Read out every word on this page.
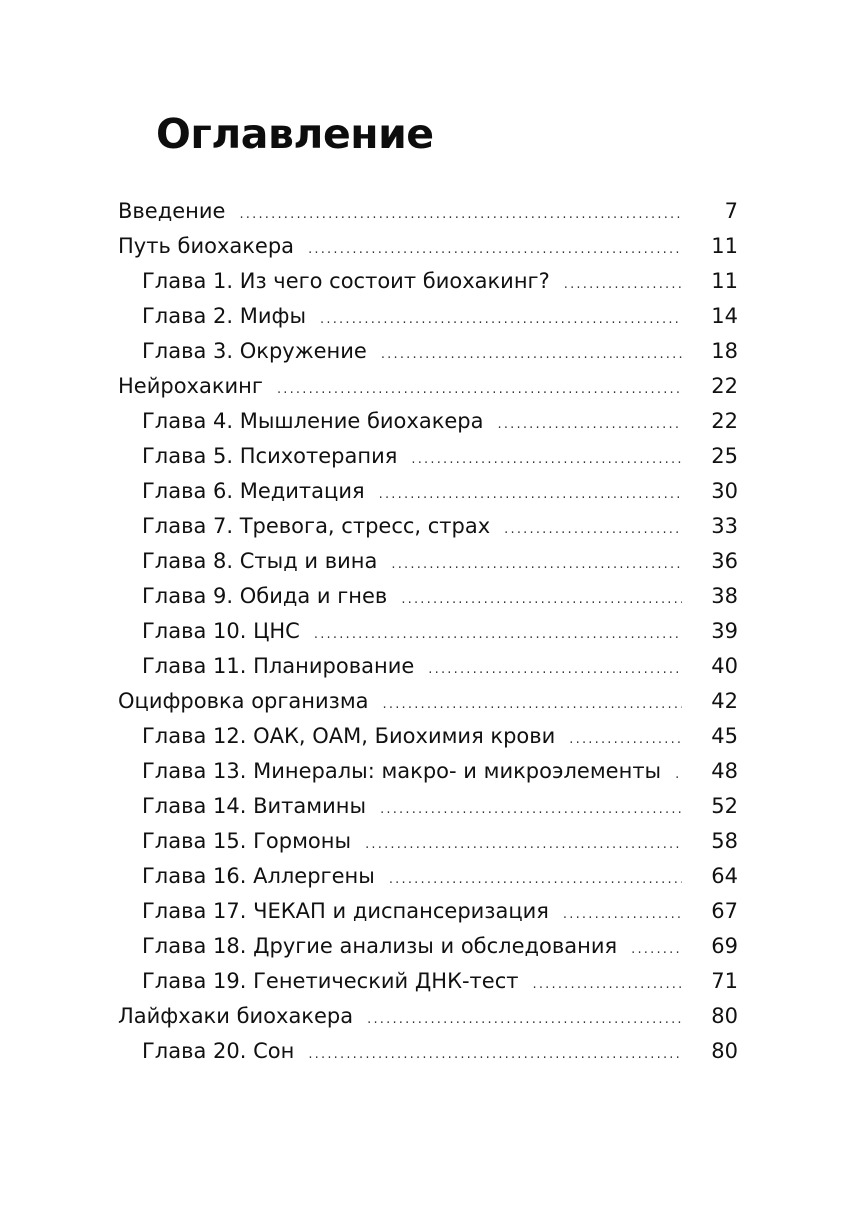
Оглавление
Введение .....	7
Путь биохакера .....	11
Глава 1. Из чего состоит биохакинг? .....	11
Глава 2. Мифы .....	14
Глава 3. Окружение .....	18
Нейрохакинг .....	22
Глава 4. Мышление биохакера .....	22
Глава 5. Психотерапия .....	25
Глава 6. Медитация .....	30
Глава 7. Тревога, стресс, страх .....	33
Глава 8. Стыд и вина .....	36
Глава 9. Обида и гнев .....	38
Глава 10. ЦНС .....	39
Глава 11. Планирование .....	40
Оцифровка организма .....	42
Глава 12. ОАК, ОАМ, Биохимия крови .....	45
Глава 13. Минералы: макро- и микроэлементы ..... 48
Глава 14. Витамины .....	52
Глава 15. Гормоны .....	58
Глава 16. Аллергены .....	64
Глава 17. ЧЕКАП и диспансеризация .....	67
Глава 18. Другие анализы и обследования .....	69
Глава 19. Генетический ДНК-тест .....	71
Лайфхаки биохакера .....	80
Глава 20. Сон .....	80
